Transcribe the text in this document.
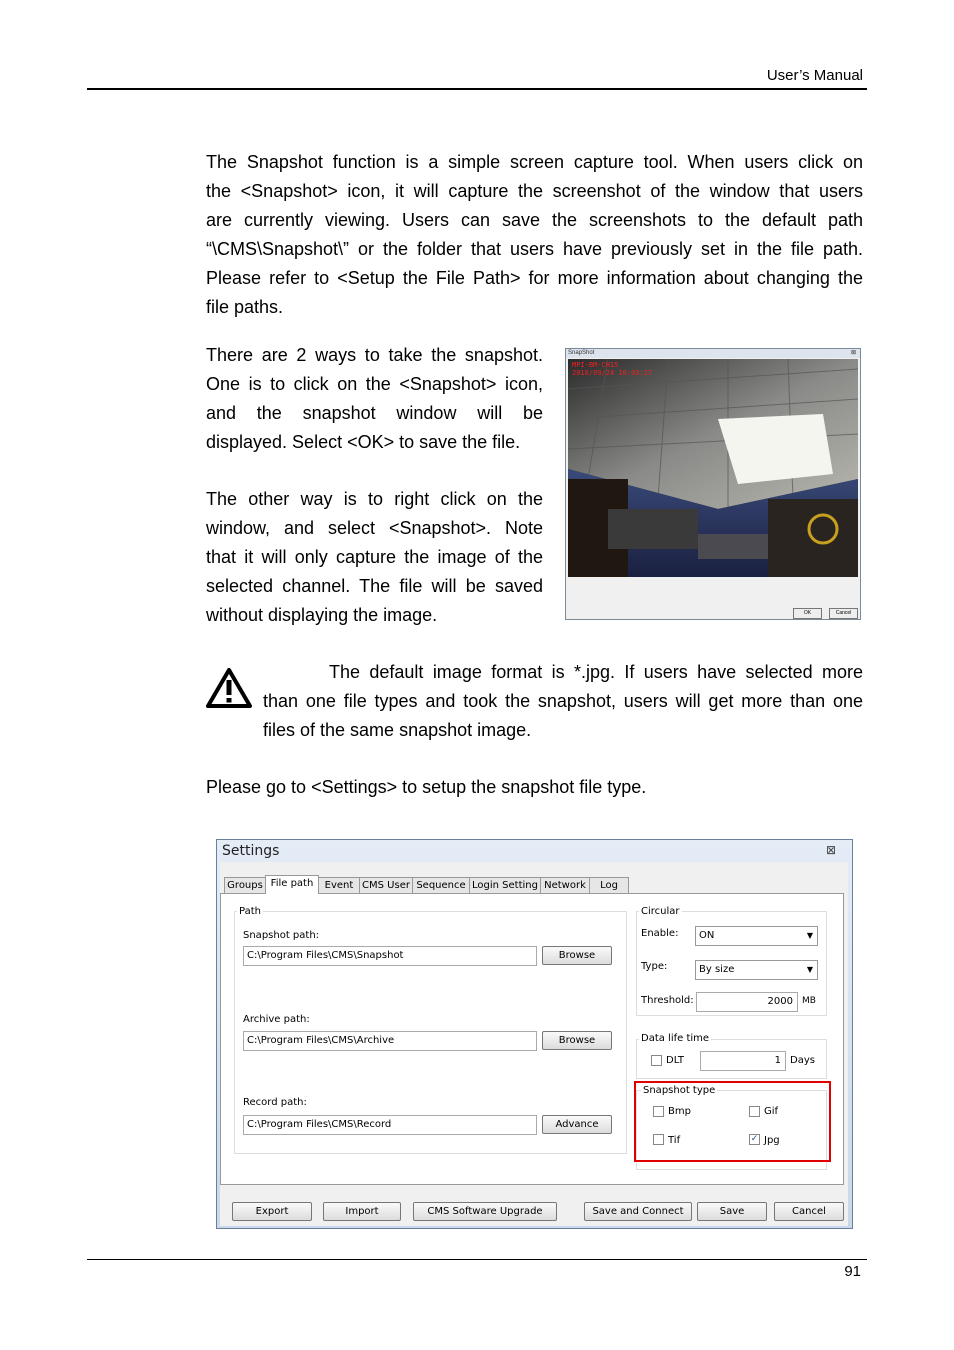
User’s Manual
The Snapshot function is a simple screen capture tool. When users click on
the <Snapshot> icon, it will capture the screenshot of the window that users
are currently viewing. Users can save the screenshots to the default path
“\CMS\Snapshot\” or the folder that users have previously set in the file path.
Please refer to <Setup the File Path> for more information about changing the
file paths.
There are 2 ways to take the snapshot.
One is to click on the <Snapshot> icon,
and the snapshot window will be
displayed. Select <OK> to save the file.
The other way is to right click on the
window, and select <Snapshot>. Note
that it will only capture the image of the
selected channel. The file will be saved
without displaying the image.
SnapShot	⊠
MPI-BM-CH15
2010/09/24 10:03:27
OK	Cancel
The default image format is *.jpg. If users have selected more
than one file types and took the snapshot, users will get more than one
files of the same snapshot image.
Please go to <Settings> to setup the snapshot file type.
Settings	⊠
Groups File path	Event CMS User Sequence Login Setting Network	Log
Path
Snapshot path:
C:\Program Files\CMS\Snapshot	Browse
Archive path:
C:\Program Files\CMS\Archive	Browse
Record path:
C:\Program Files\CMS\Record	Advance
Circular
Enable:	ON	▼
Type:	By size	▼
Threshold:	2000	MB
Data life time
DLT	1 Days
Snapshot type
Bmp	Gif
Tif	✓ Jpg
Export	Import	CMS Software Upgrade	Save and Connect	Save	Cancel
91
